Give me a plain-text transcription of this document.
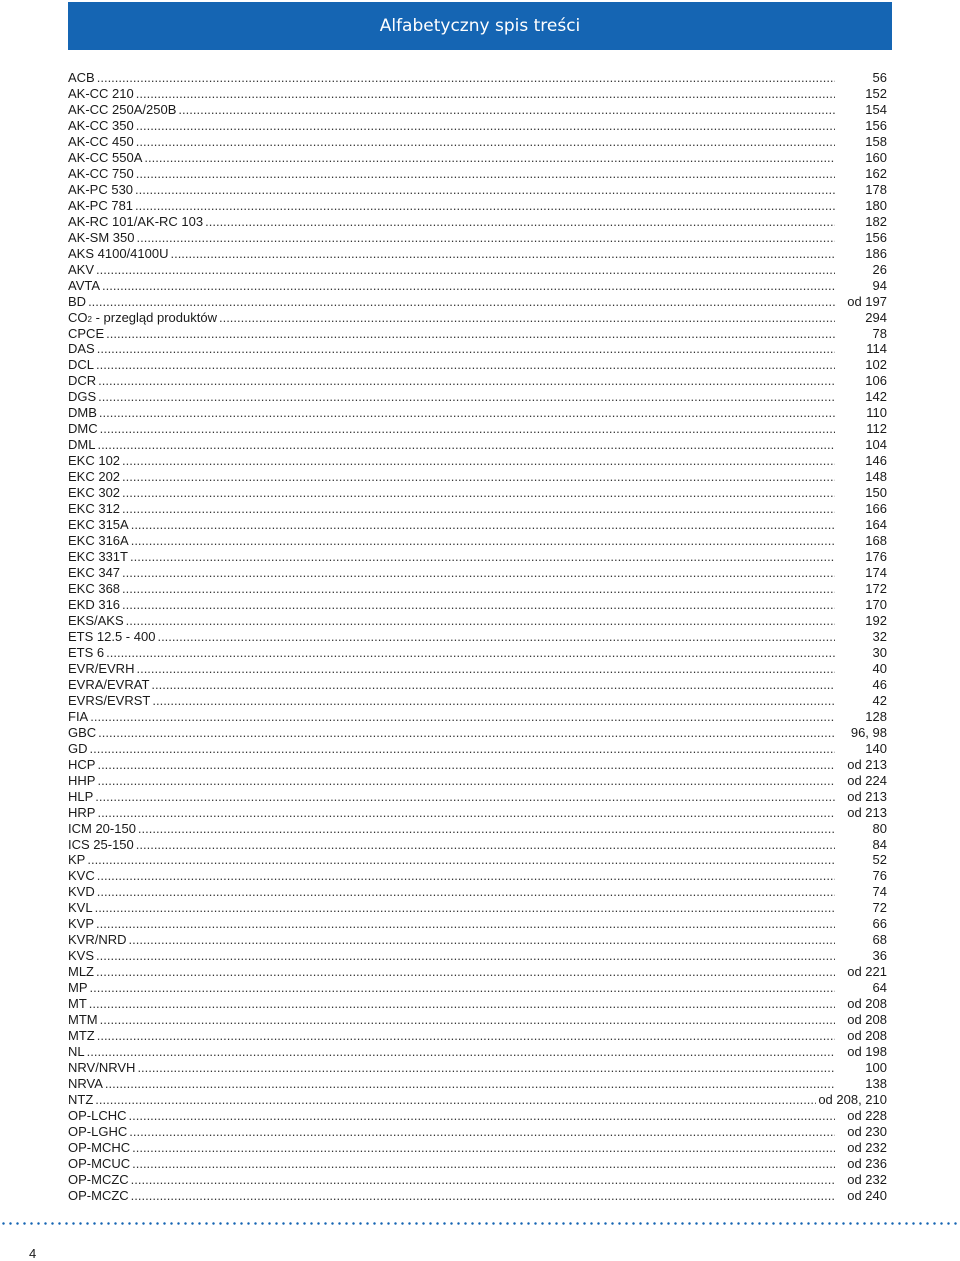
Alfabetyczny spis treści
ACB .....	56
AK-CC 210 .....	152
AK-CC 250A/250B .....	154
AK-CC 350 .....	156
AK-CC 450 .....	158
AK-CC 550A .....	160
AK-CC 750 .....	162
AK-PC 530 .....	178
AK-PC 781 .....	180
AK-RC 101/AK-RC 103 .....	182
AK-SM 350 .....	156
AKS 4100/4100U .....	186
AKV .....	26
AVTA .....	94
BD .....	od 197
CO2 - przegląd produktów .....	294
CPCE .....	78
DAS .....	114
DCL .....	102
DCR .....	106
DGS .....	142
DMB .....	110
DMC .....	112
DML .....	104
EKC 102 .....	146
EKC 202 .....	148
EKC 302 .....	150
EKC 312 .....	166
EKC 315A .....	164
EKC 316A .....	168
EKC 331T .....	176
EKC 347 .....	174
EKC 368 .....	172
EKD 316 .....	170
EKS/AKS .....	192
ETS 12.5 - 400 .....	32
ETS 6 .....	30
EVR/EVRH .....	40
EVRA/EVRAT .....	46
EVRS/EVRST .....	42
FIA .....	128
GBC .....	96, 98
GD .....	140
HCP .....	od 213
HHP .....	od 224
HLP .....	od 213
HRP .....	od 213
ICM 20-150 .....	80
ICS 25-150 .....	84
KP .....	52
KVC .....	76
KVD .....	74
KVL .....	72
KVP .....	66
KVR/NRD .....	68
KVS .....	36
MLZ .....	od 221
MP .....	64
MT .....	od 208
MTM .....	od 208
MTZ .....	od 208
NL .....	od 198
NRV/NRVH .....	100
NRVA .....	138
NTZ .....	od 208, 210
OP-LCHC .....	od 228
OP-LGHC .....	od 230
OP-MCHC .....	od 232
OP-MCUC .....	od 236
OP-MCZC .....	od 232
OP-MCZC .....	od 240
4
